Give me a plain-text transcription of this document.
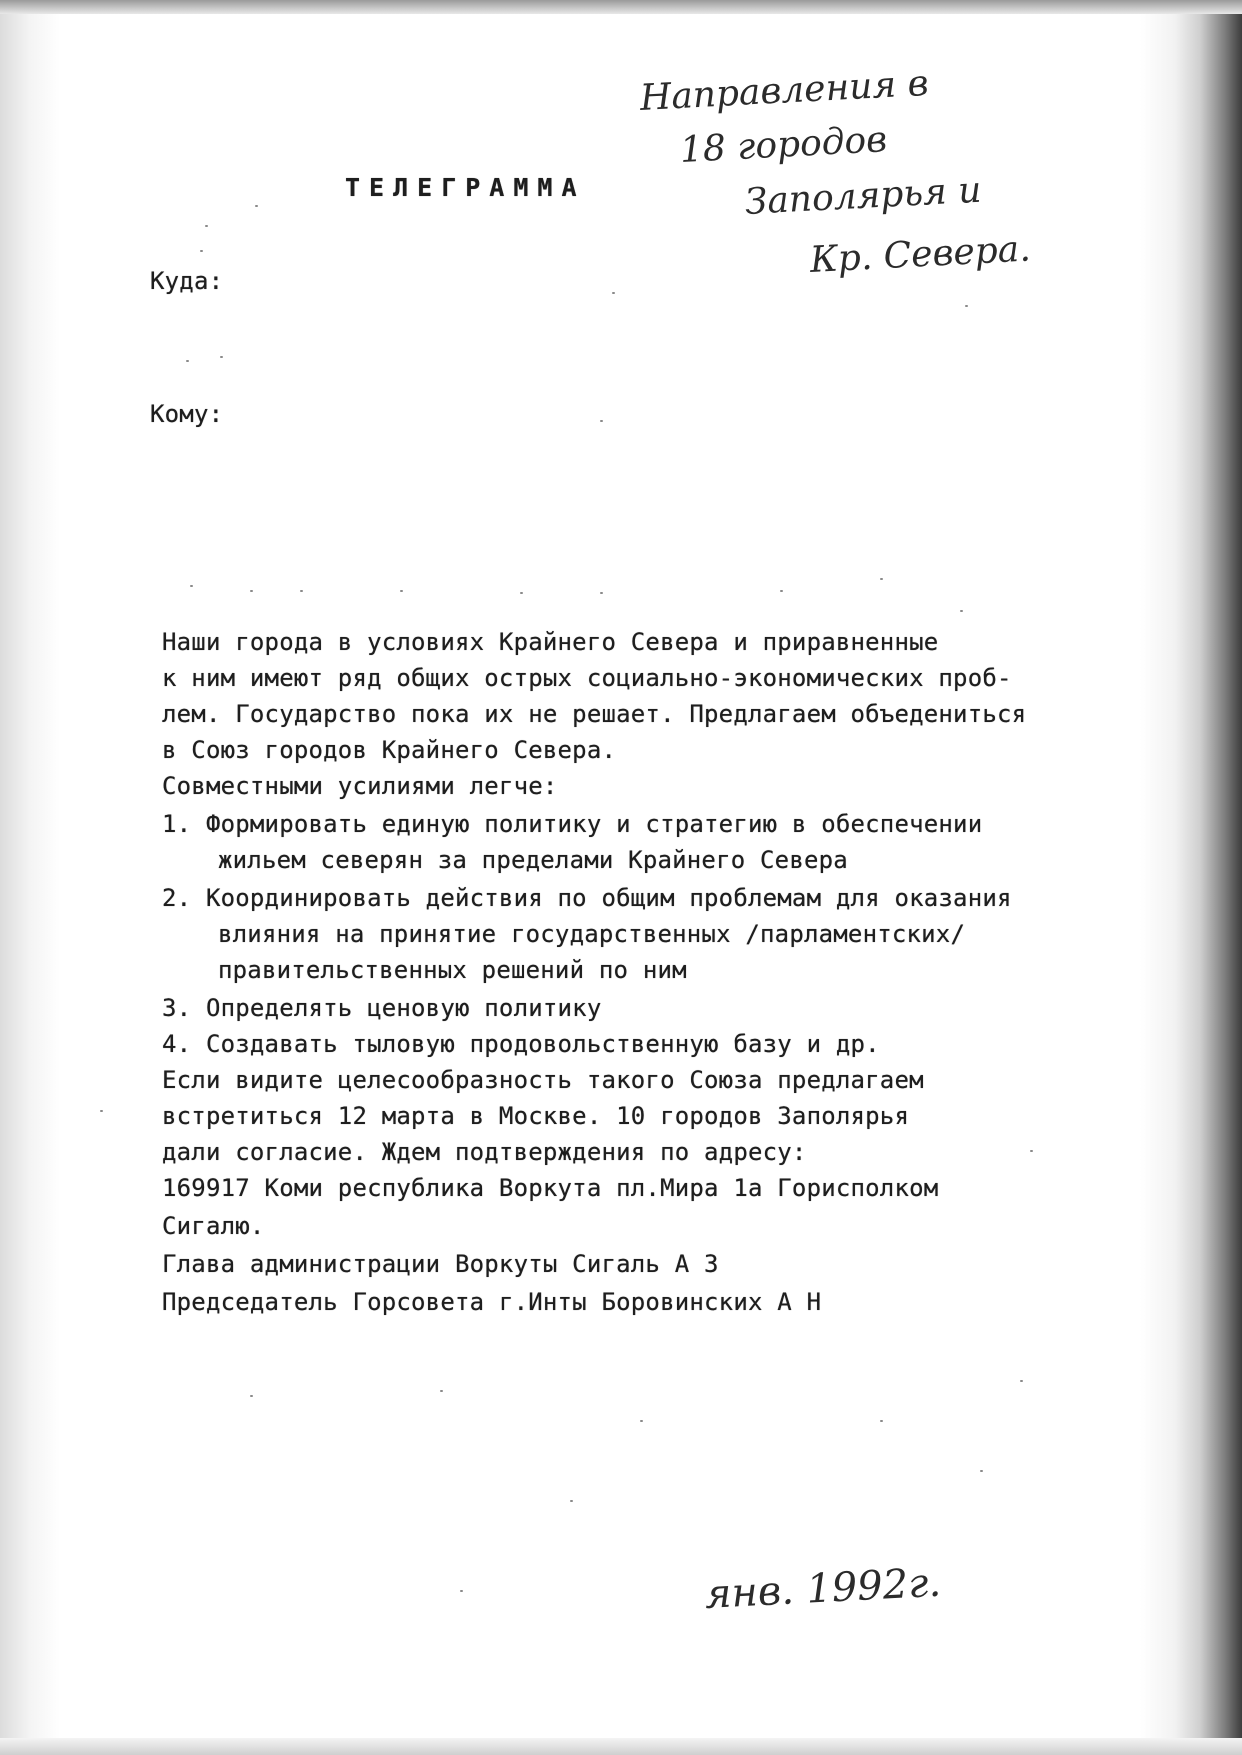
Направления в
18 городов
Заполярья и
Кр. Севера.
ТЕЛЕГРАММА
Куда:
Кому:
Наши города в условиях Крайнего Севера и приравненные
к ним имеют ряд общих острых социально-экономических проб-
лем. Государство пока их не решает. Предлагаем объедениться
в Союз городов Крайнего Севера.
Совместными усилиями легче:
1. Формировать единую политику и стратегию в обеспечении
жильем северян за пределами Крайнего Севера
2. Координировать действия по общим проблемам для оказания
влияния на принятие государственных /парламентских/
правительственных решений по ним
3. Определять ценовую политику
4. Создавать тыловую продовольственную базу и др.
Если видите целесообразность такого Союза предлагаем
встретиться 12 марта в Москве. 10 городов Заполярья
дали согласие. Ждем подтверждения по адресу:
169917 Коми республика Воркута пл.Мира 1а Горисполком
Сигалю.
Глава администрации Воркуты Сигаль А З
Председатель Горсовета г.Инты Боровинских А Н
янв. 1992г.
